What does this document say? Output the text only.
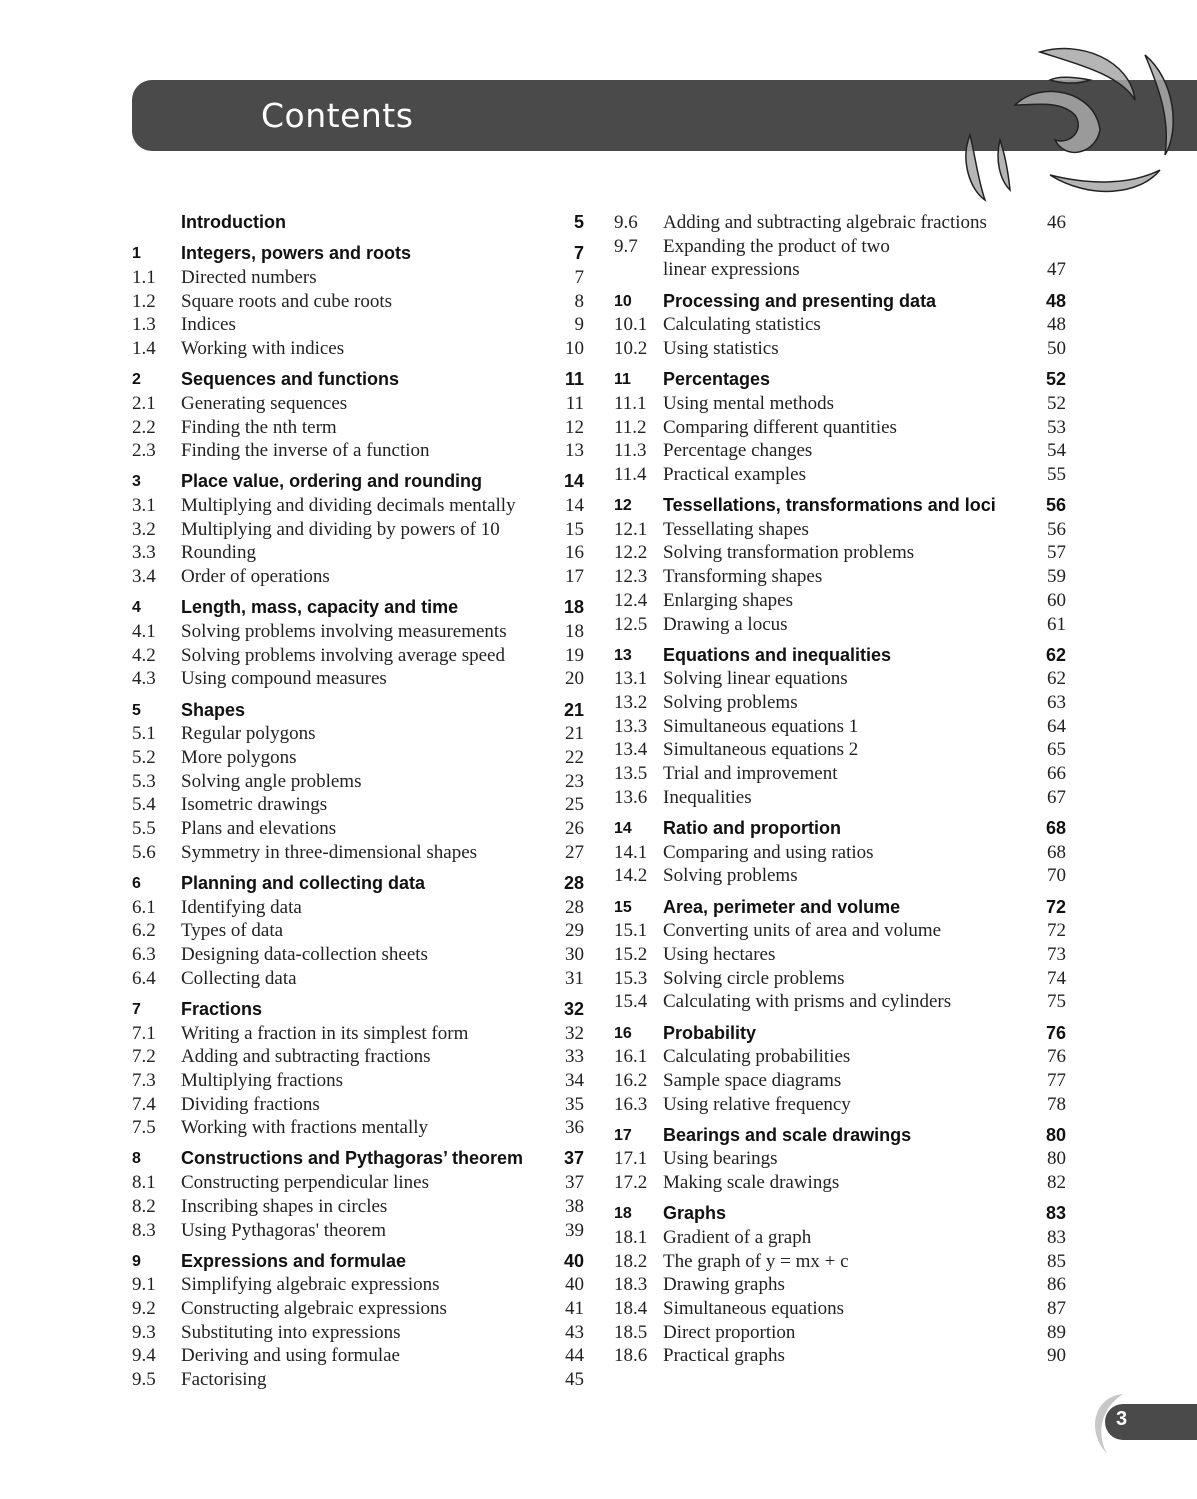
Contents
Introduction	5
1 Integers, powers and roots	7
1.1 Directed numbers	7
1.2 Square roots and cube roots	8
1.3 Indices	9
1.4 Working with indices	10
2 Sequences and functions	11
2.1 Generating sequences	11
2.2 Finding the nth term	12
2.3 Finding the inverse of a function	13
3 Place value, ordering and rounding	14
3.1 Multiplying and dividing decimals mentally	14
3.2 Multiplying and dividing by powers of 10	15
3.3 Rounding	16
3.4 Order of operations	17
4 Length, mass, capacity and time	18
4.1 Solving problems involving measurements	18
4.2 Solving problems involving average speed	19
4.3 Using compound measures	20
5 Shapes	21
5.1 Regular polygons	21
5.2 More polygons	22
5.3 Solving angle problems	23
5.4 Isometric drawings	25
5.5 Plans and elevations	26
5.6 Symmetry in three-dimensional shapes	27
6 Planning and collecting data	28
6.1 Identifying data	28
6.2 Types of data	29
6.3 Designing data-collection sheets	30
6.4 Collecting data	31
7 Fractions	32
7.1 Writing a fraction in its simplest form	32
7.2 Adding and subtracting fractions	33
7.3 Multiplying fractions	34
7.4 Dividing fractions	35
7.5 Working with fractions mentally	36
8 Constructions and Pythagoras’ theorem 37
8.1 Constructing perpendicular lines	37
8.2 Inscribing shapes in circles	38
8.3 Using Pythagoras' theorem	39
9 Expressions and formulae	40
9.1 Simplifying algebraic expressions	40
9.2 Constructing algebraic expressions	41
9.3 Substituting into expressions	43
9.4 Deriving and using formulae	44
9.5 Factorising	45
9.6 Adding and subtracting algebraic fractions	46
9.7 Expanding the product of two
linear expressions	47
10 Processing and presenting data	48
10.1 Calculating statistics	48
10.2 Using statistics	50
11 Percentages	52
11.1 Using mental methods	52
11.2 Comparing different quantities	53
11.3 Percentage changes	54
11.4 Practical examples	55
12 Tessellations, transformations and loci	56
12.1 Tessellating shapes	56
12.2 Solving transformation problems	57
12.3 Transforming shapes	59
12.4 Enlarging shapes	60
12.5 Drawing a locus	61
13 Equations and inequalities	62
13.1 Solving linear equations	62
13.2 Solving problems	63
13.3 Simultaneous equations 1	64
13.4 Simultaneous equations 2	65
13.5 Trial and improvement	66
13.6 Inequalities	67
14 Ratio and proportion	68
14.1 Comparing and using ratios	68
14.2 Solving problems	70
15 Area, perimeter and volume	72
15.1 Converting units of area and volume	72
15.2 Using hectares	73
15.3 Solving circle problems	74
15.4 Calculating with prisms and cylinders	75
16 Probability	76
16.1 Calculating probabilities	76
16.2 Sample space diagrams	77
16.3 Using relative frequency	78
17 Bearings and scale drawings	80
17.1 Using bearings	80
17.2 Making scale drawings	82
18 Graphs	83
18.1 Gradient of a graph	83
18.2 The graph of y = mx + c	85
18.3 Drawing graphs	86
18.4 Simultaneous equations	87
18.5 Direct proportion	89
18.6 Practical graphs	90
3
